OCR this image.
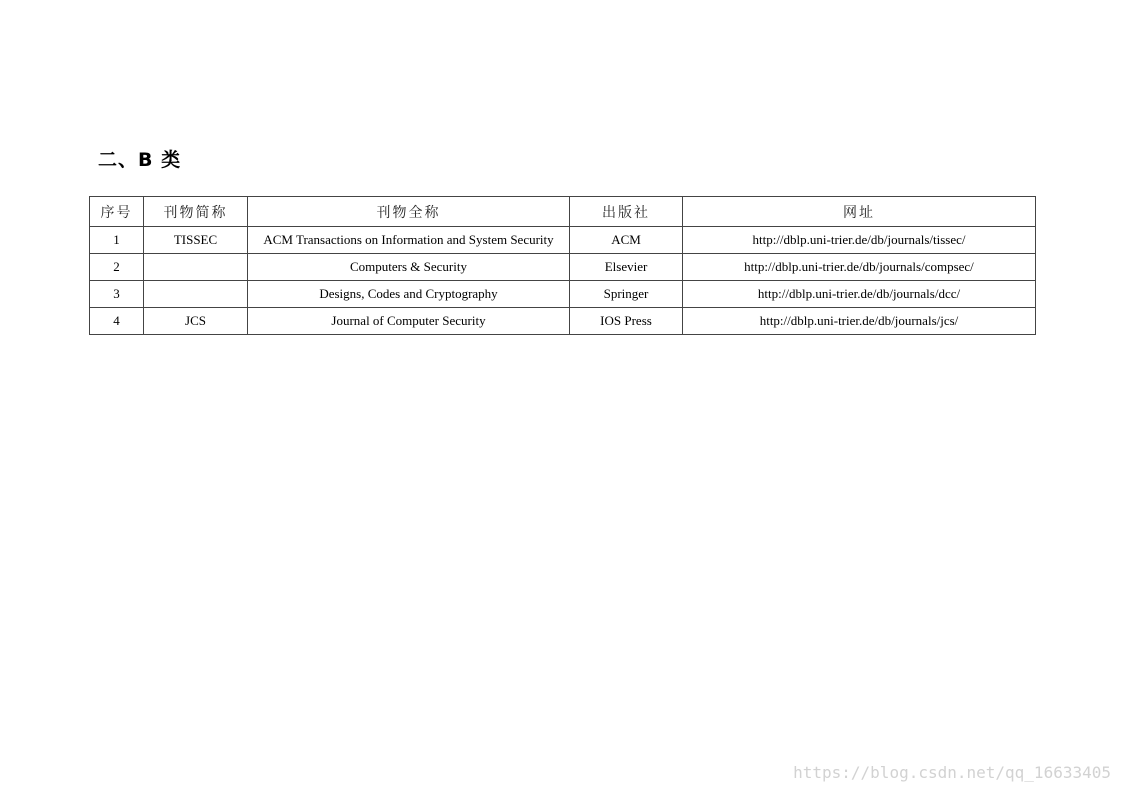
二、B 类
序号	刊物简称	刊物全称	出版社	网址
1	TISSEC	ACM Transactions on Information and System Security	ACM	http://dblp.uni-trier.de/db/journals/tissec/
2		Computers & Security	Elsevier	http://dblp.uni-trier.de/db/journals/compsec/
3		Designs, Codes and Cryptography	Springer	http://dblp.uni-trier.de/db/journals/dcc/
4	JCS	Journal of Computer Security	IOS Press	http://dblp.uni-trier.de/db/journals/jcs/
https://blog.csdn.net/qq_16633405
